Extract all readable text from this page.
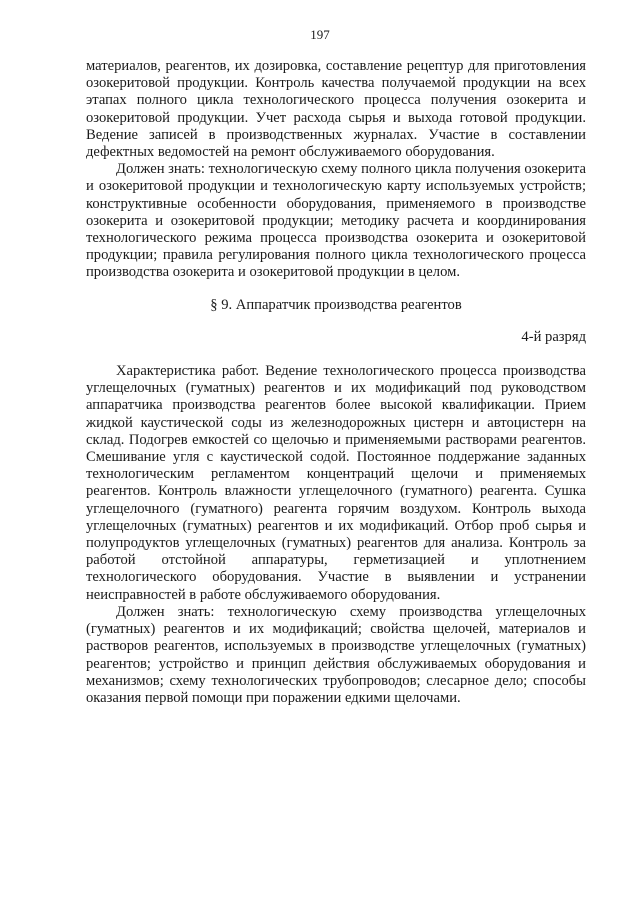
197

материалов, реагентов, их дозировка, составление рецептур для приготовления озокеритовой продукции. Контроль качества получаемой продукции на всех этапах полного цикла технологического процесса получения озокерита и озокеритовой продукции. Учет расхода сырья и выхода готовой продукции. Ведение записей в производственных журналах. Участие в составлении дефектных ведомостей на ремонт обслуживаемого оборудования.

Должен знать: технологическую схему полного цикла получения озокерита и озокеритовой продукции и технологическую карту используемых устройств; конструктивные особенности оборудования, применяемого в производстве озокерита и озокеритовой продукции; методику расчета и координирования технологического режима процесса производства озокерита и озокеритовой продукции; правила регулирования полного цикла технологического процесса производства озокерита и озокеритовой продукции в целом.

§ 9. Аппаратчик производства реагентов

4-й разряд

Характеристика работ. Ведение технологического процесса производства углещелочных (гуматных) реагентов и их модификаций под руководством аппаратчика производства реагентов более высокой квалификации. Прием жидкой каустической соды из железнодорожных цистерн и автоцистерн на склад. Подогрев емкостей со щелочью и применяемыми растворами реагентов. Смешивание угля с каустической содой. Постоянное поддержание заданных технологическим регламентом концентраций щелочи и применяемых реагентов. Контроль влажности углещелочного (гуматного) реагента. Сушка углещелочного (гуматного) реагента горячим воздухом. Контроль выхода углещелочных (гуматных) реагентов и их модификаций. Отбор проб сырья и полупродуктов углещелочных (гуматных) реагентов для анализа. Контроль за работой отстойной аппаратуры, герметизацией и уплотнением технологического оборудования. Участие в выявлении и устранении неисправностей в работе обслуживаемого оборудования.

Должен знать: технологическую схему производства углещелочных (гуматных) реагентов и их модификаций; свойства щелочей, материалов и растворов реагентов, используемых в производстве углещелочных (гуматных) реагентов; устройство и принцип действия обслуживаемых оборудования и механизмов; схему технологических трубопроводов; слесарное дело; способы оказания первой помощи при поражении едкими щелочами.
